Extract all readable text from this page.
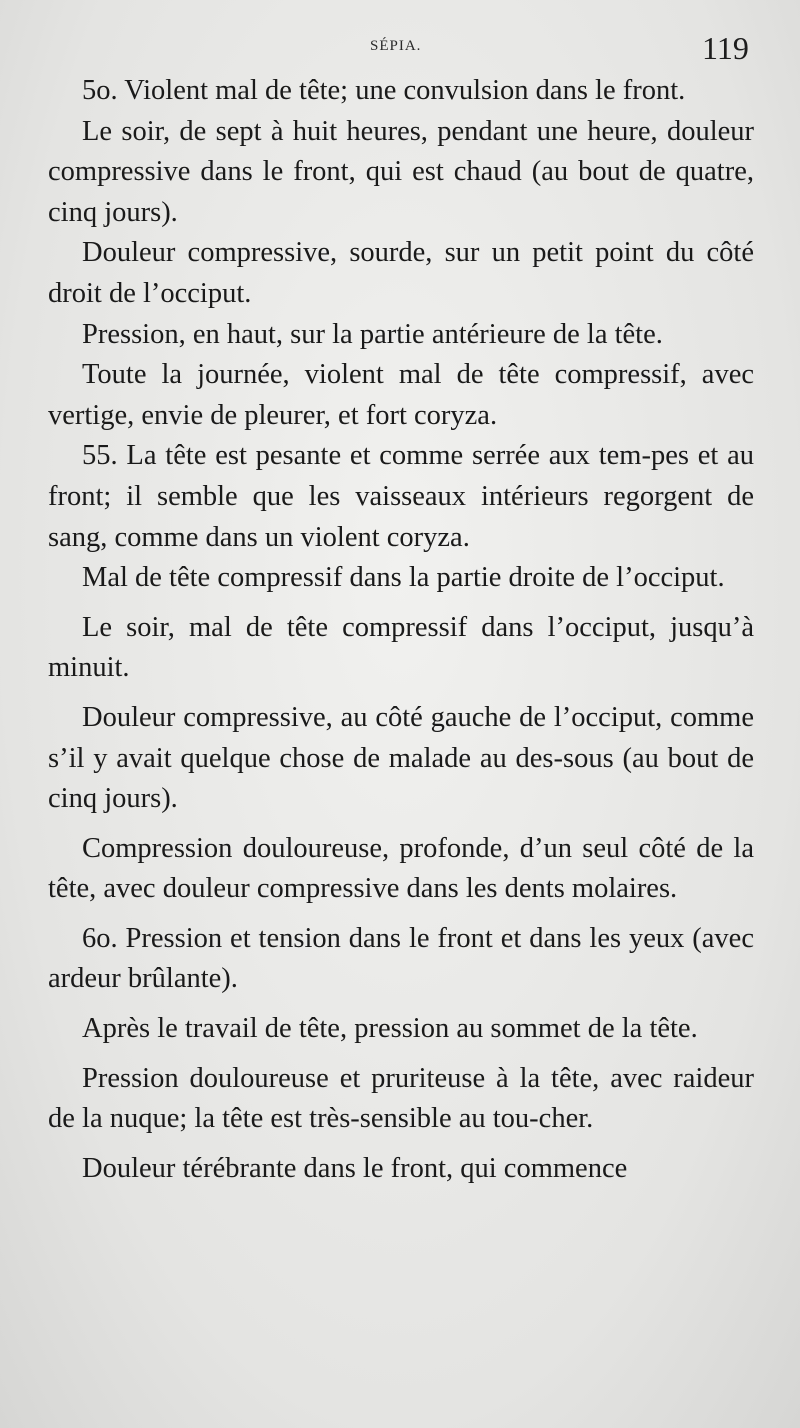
SÉPIA.	119

5o. Violent mal de tête; une convulsion dans le front.

Le soir, de sept à huit heures, pendant une heure, douleur compressive dans le front, qui est chaud (au bout de quatre, cinq jours).

Douleur compressive, sourde, sur un petit point du côté droit de l’occiput.

Pression, en haut, sur la partie antérieure de la tête.

Toute la journée, violent mal de tête compressif, avec vertige, envie de pleurer, et fort coryza.

55. La tête est pesante et comme serrée aux tem-pes et au front; il semble que les vaisseaux intérieurs regorgent de sang, comme dans un violent coryza.

Mal de tête compressif dans la partie droite de l’occiput.

Le soir, mal de tête compressif dans l’occiput, jusqu’à minuit.

Douleur compressive, au côté gauche de l’occiput, comme s’il y avait quelque chose de malade au des-sous (au bout de cinq jours).

Compression douloureuse, profonde, d’un seul côté de la tête, avec douleur compressive dans les dents molaires.

6o. Pression et tension dans le front et dans les yeux (avec ardeur brûlante).

Après le travail de tête, pression au sommet de la tête.

Pression douloureuse et pruriteuse à la tête, avec raideur de la nuque; la tête est très-sensible au tou-cher.

Douleur térébrante dans le front, qui commence
